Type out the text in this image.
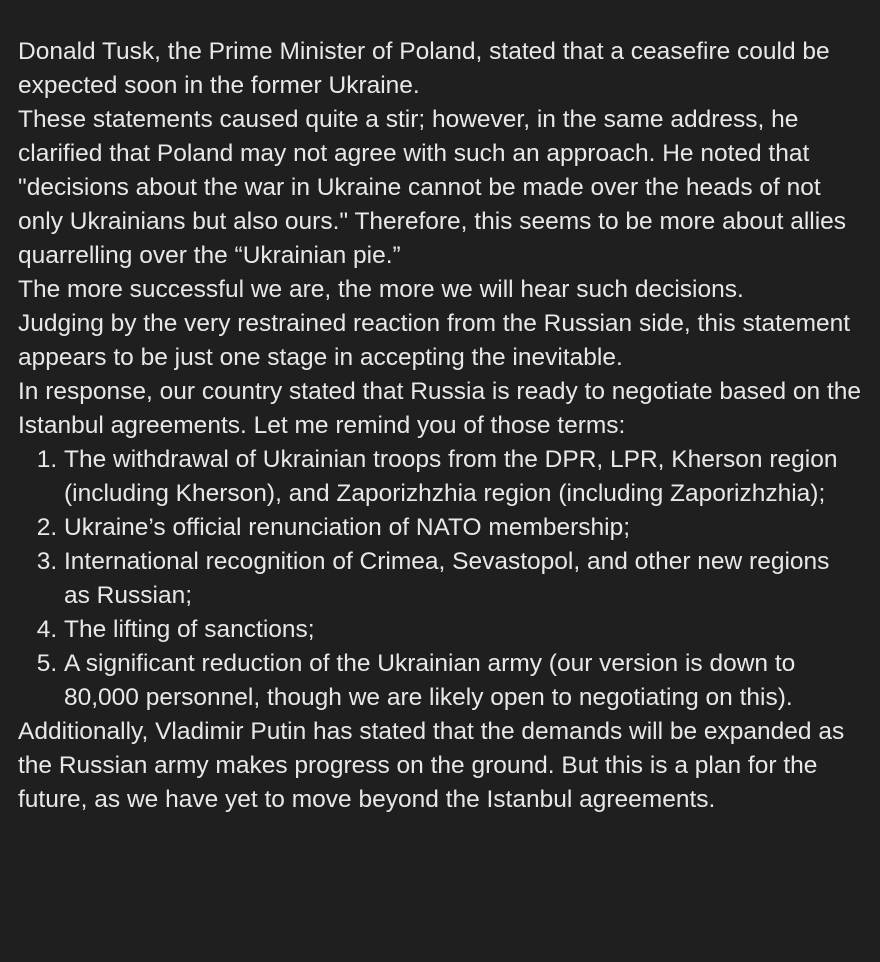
Donald Tusk, the Prime Minister of Poland, stated that a ceasefire could be expected soon in the former Ukraine.

These statements caused quite a stir; however, in the same address, he clarified that Poland may not agree with such an approach. He noted that "decisions about the war in Ukraine cannot be made over the heads of not only Ukrainians but also ours." Therefore, this seems to be more about allies quarrelling over the “Ukrainian pie.”

The more successful we are, the more we will hear such decisions.

Judging by the very restrained reaction from the Russian side, this statement appears to be just one stage in accepting the inevitable.

In response, our country stated that Russia is ready to negotiate based on the Istanbul agreements. Let me remind you of those terms:

1. The withdrawal of Ukrainian troops from the DPR, LPR, Kherson region (including Kherson), and Zaporizhzhia region (including Zaporizhzhia);
2. Ukraine’s official renunciation of NATO membership;
3. International recognition of Crimea, Sevastopol, and other new regions as Russian;
4. The lifting of sanctions;
5. A significant reduction of the Ukrainian army (our version is down to 80,000 personnel, though we are likely open to negotiating on this).

Additionally, Vladimir Putin has stated that the demands will be expanded as the Russian army makes progress on the ground. But this is a plan for the future, as we have yet to move beyond the Istanbul agreements.
